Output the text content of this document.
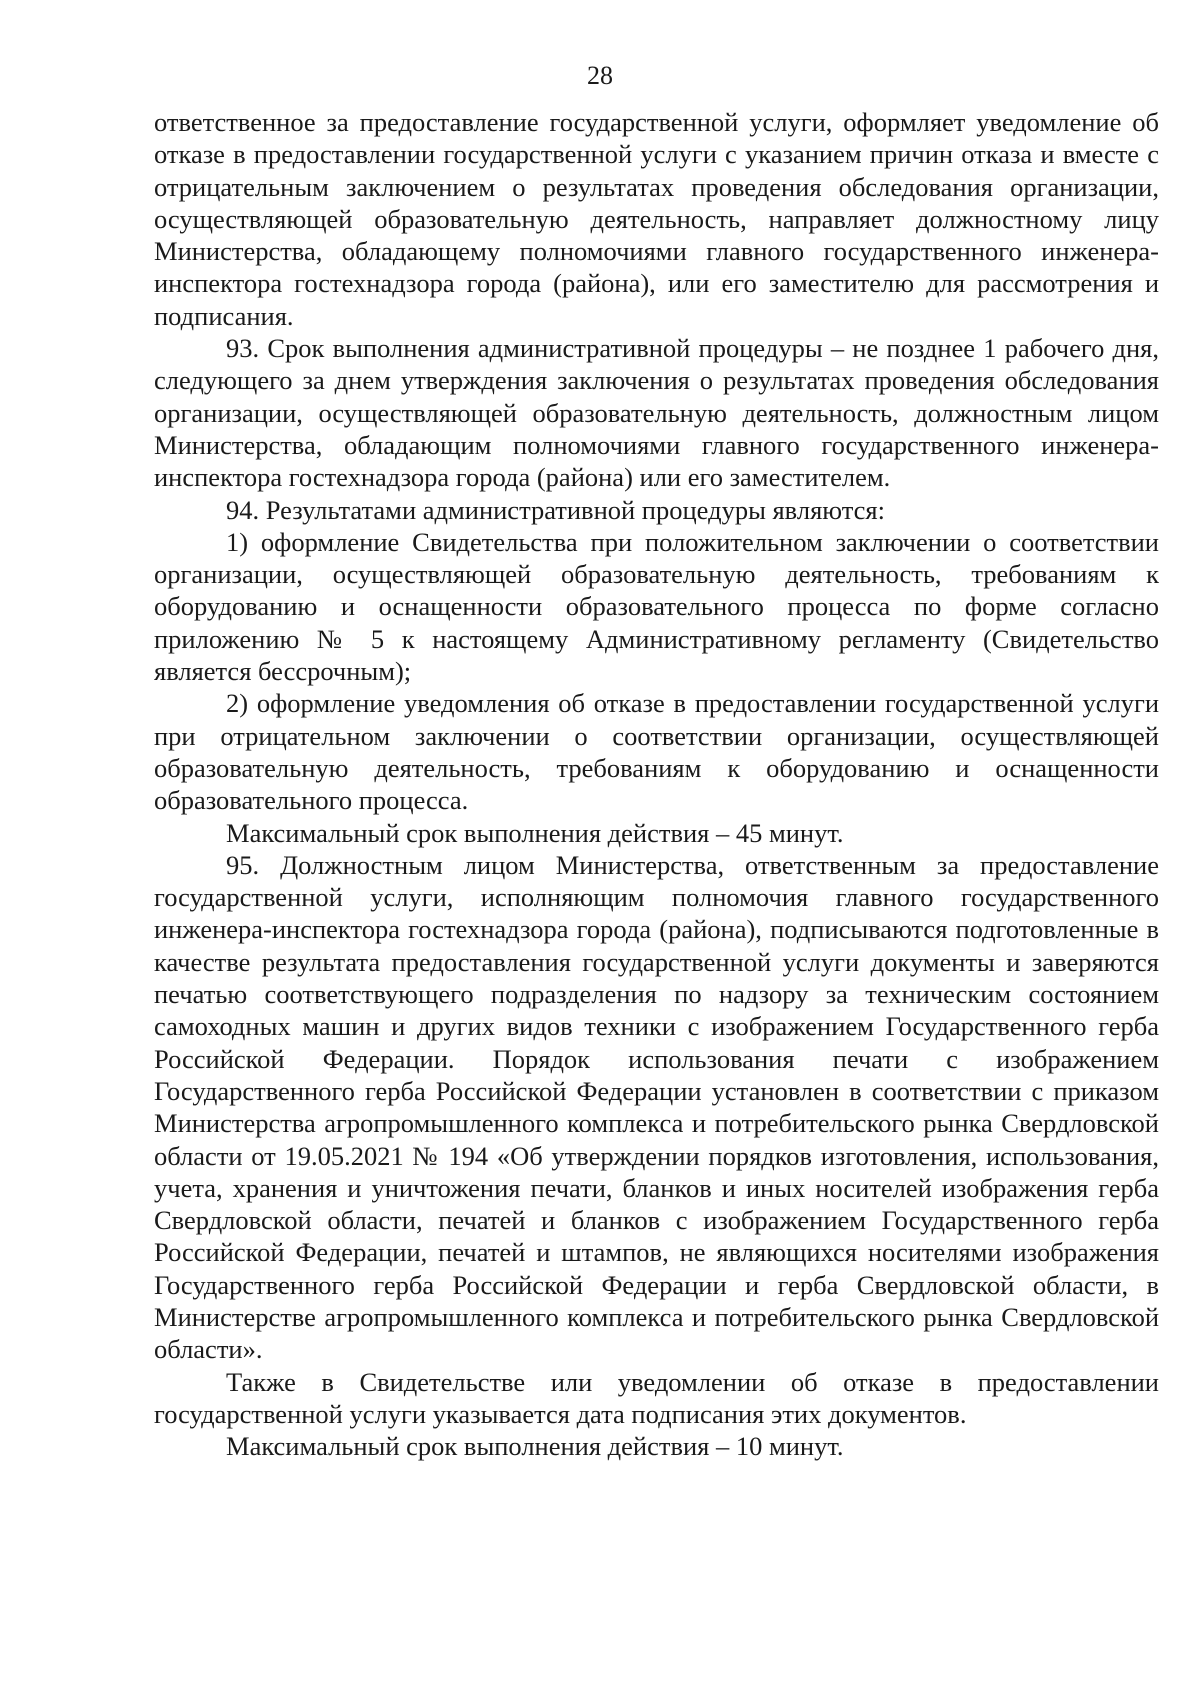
28

ответственное за предоставление государственной услуги, оформляет уведомление об отказе в предоставлении государственной услуги с указанием причин отказа и вместе с отрицательным заключением о результатах проведения обследования организации, осуществляющей образовательную деятельность, направляет должностному лицу Министерства, обладающему полномочиями главного государственного инженера-инспектора гостехнадзора города (района), или его заместителю для рассмотрения и подписания.

93. Срок выполнения административной процедуры – не позднее 1 рабочего дня, следующего за днем утверждения заключения о результатах проведения обследования организации, осуществляющей образовательную деятельность, должностным лицом Министерства, обладающим полномочиями главного государственного инженера-инспектора гостехнадзора города (района) или его заместителем.

94. Результатами административной процедуры являются:

1) оформление Свидетельства при положительном заключении о соответствии организации, осуществляющей образовательную деятельность, требованиям к оборудованию и оснащенности образовательного процесса по форме согласно приложению № 5 к настоящему Административному регламенту (Свидетельство является бессрочным);

2) оформление уведомления об отказе в предоставлении государственной услуги при отрицательном заключении о соответствии организации, осуществляющей образовательную деятельность, требованиям к оборудованию и оснащенности образовательного процесса.

Максимальный срок выполнения действия – 45 минут.

95. Должностным лицом Министерства, ответственным за предоставление государственной услуги, исполняющим полномочия главного государственного инженера-инспектора гостехнадзора города (района), подписываются подготовленные в качестве результата предоставления государственной услуги документы и заверяются печатью соответствующего подразделения по надзору за техническим состоянием самоходных машин и других видов техники с изображением Государственного герба Российской Федерации. Порядок использования печати с изображением Государственного герба Российской Федерации установлен в соответствии с приказом Министерства агропромышленного комплекса и потребительского рынка Свердловской области от 19.05.2021 № 194 «Об утверждении порядков изготовления, использования, учета, хранения и уничтожения печати, бланков и иных носителей изображения герба Свердловской области, печатей и бланков с изображением Государственного герба Российской Федерации, печатей и штампов, не являющихся носителями изображения Государственного герба Российской Федерации и герба Свердловской области, в Министерстве агропромышленного комплекса и потребительского рынка Свердловской области».

Также в Свидетельстве или уведомлении об отказе в предоставлении государственной услуги указывается дата подписания этих документов.

Максимальный срок выполнения действия – 10 минут.
